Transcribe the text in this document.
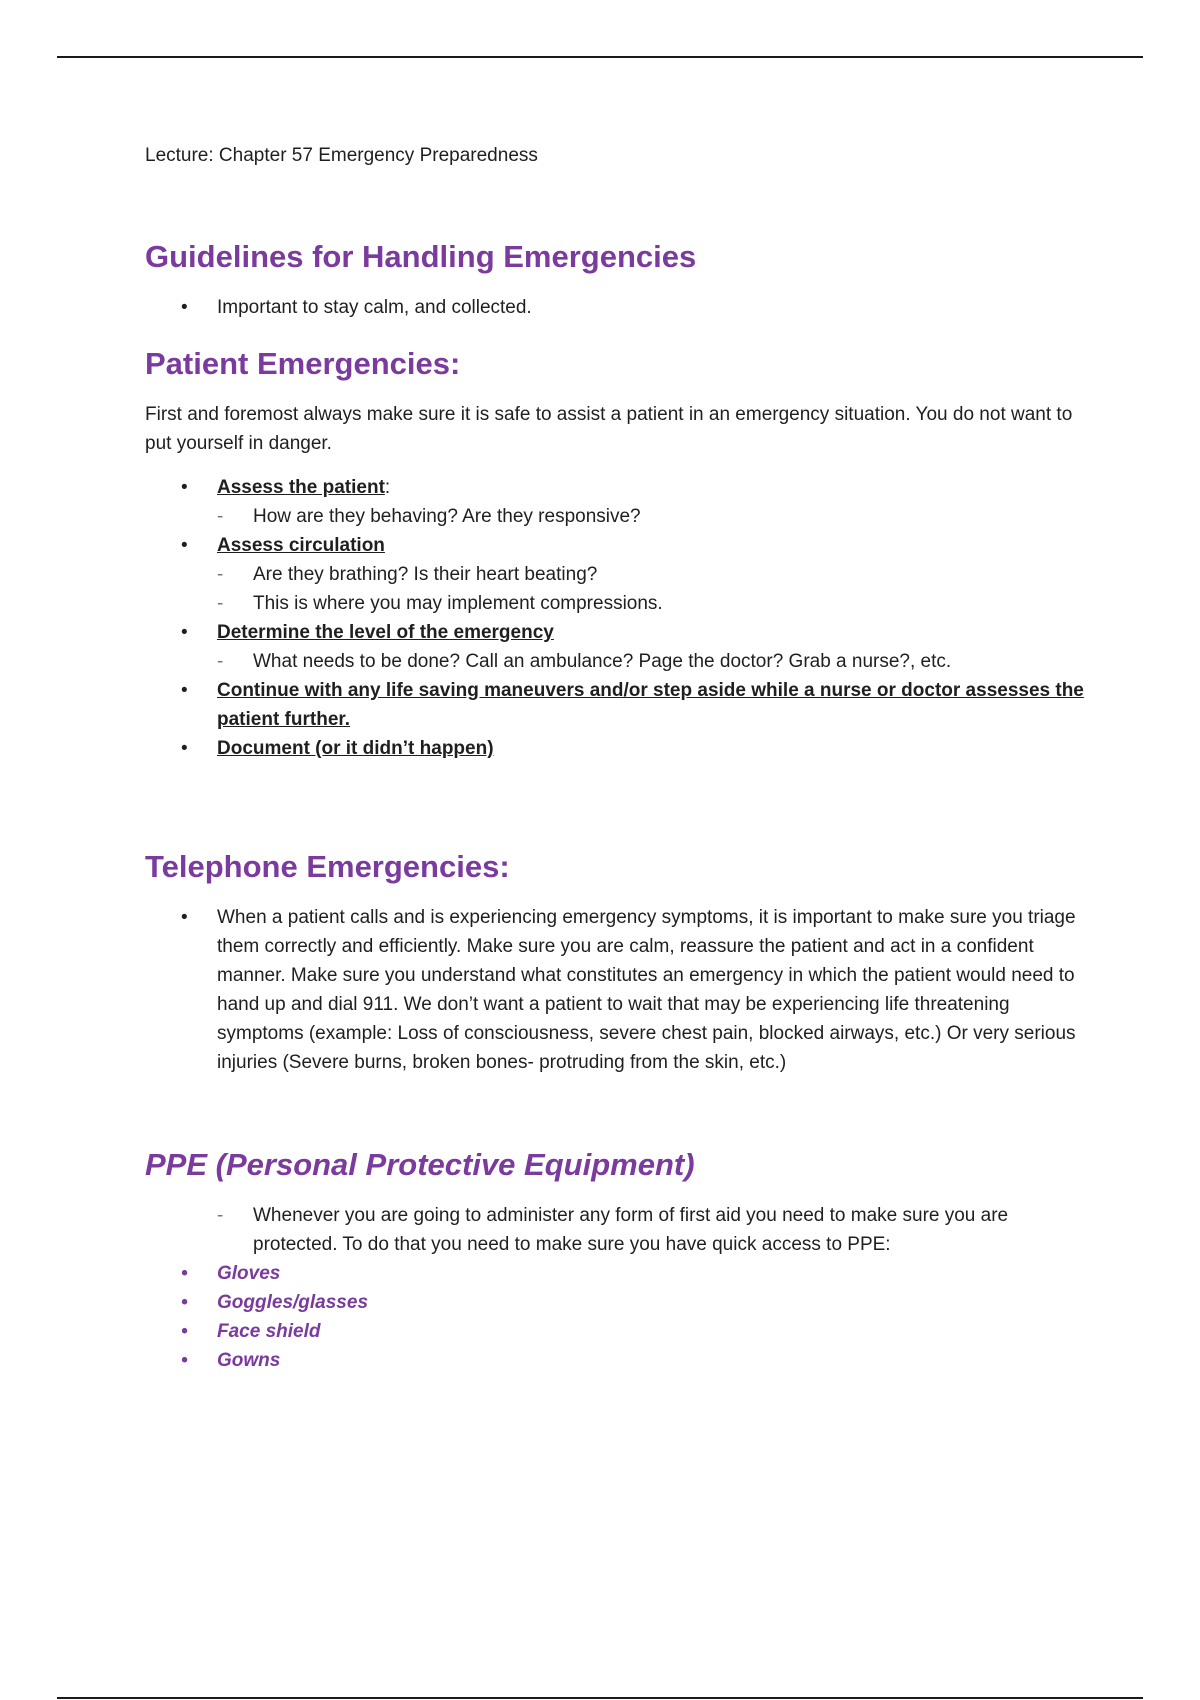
Lecture: Chapter 57 Emergency Preparedness

Guidelines for Handling Emergencies
• Important to stay calm, and collected.
Patient Emergencies:

First and foremost always make sure it is safe to assist a patient in an emergency situation. You do not want to put yourself in danger.

• Assess the patient:
- How are they behaving? Are they responsive?
• Assess circulation
- Are they brathing? Is their heart beating?
- This is where you may implement compressions.
• Determine the level of the emergency
- What needs to be done? Call an ambulance? Page the doctor? Grab a nurse?, etc.
• Continue with any life saving maneuvers and/or step aside while a nurse or doctor assesses the patient further.
• Document (or it didn’t happen)
Telephone Emergencies:
• When a patient calls and is experiencing emergency symptoms, it is important to make sure you triage them correctly and efficiently. Make sure you are calm, reassure the patient and act in a confident manner. Make sure you understand what constitutes an emergency in which the patient would need to hand up and dial 911. We don’t want a patient to wait that may be experiencing life threatening symptoms (example: Loss of consciousness, severe chest pain, blocked airways, etc.) Or very serious injuries (Severe burns, broken bones- protruding from the skin, etc.)
PPE (Personal Protective Equipment)
- Whenever you are going to administer any form of first aid you need to make sure you are protected. To do that you need to make sure you have quick access to PPE:
• Gloves
• Goggles/glasses
• Face shield
• Gowns
